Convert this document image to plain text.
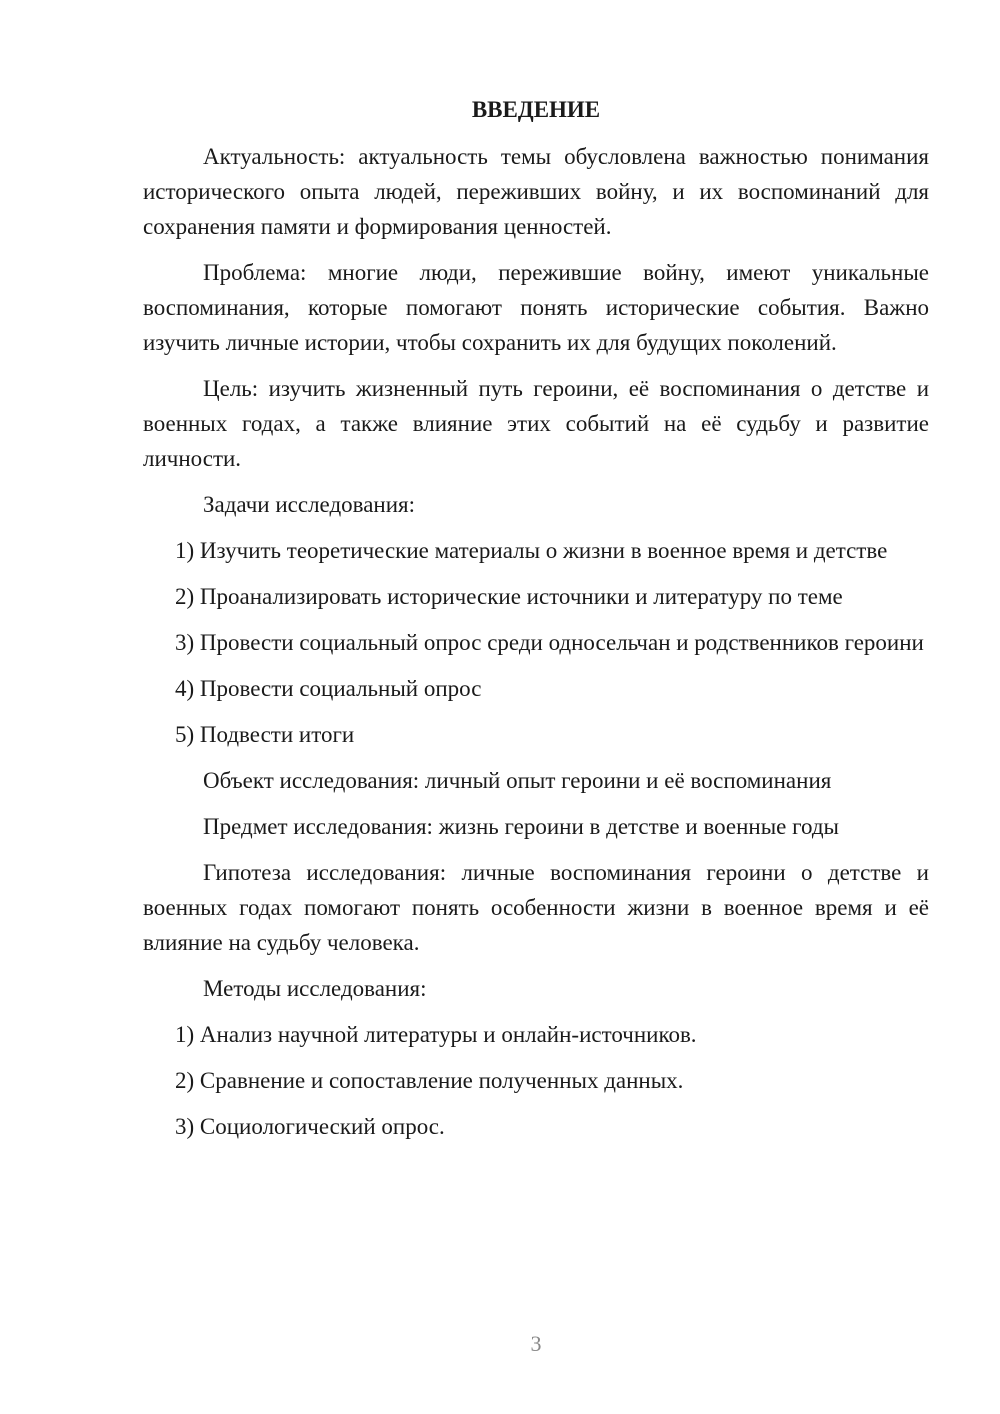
ВВЕДЕНИЕ

Актуальность: актуальность темы обусловлена важностью понимания исторического опыта людей, переживших войну, и их воспоминаний для сохранения памяти и формирования ценностей.

Проблема: многие люди, пережившие войну, имеют уникальные воспоминания, которые помогают понять исторические события. Важно изучить личные истории, чтобы сохранить их для будущих поколений.

Цель: изучить жизненный путь героини, её воспоминания о детстве и военных годах, а также влияние этих событий на её судьбу и развитие личности.

Задачи исследования:

1) Изучить теоретические материалы о жизни в военное время и детстве

2) Проанализировать исторические источники и литературу по теме

3) Провести социальный опрос среди односельчан и родственников героини

4) Провести социальный опрос

5) Подвести итоги

Объект исследования: личный опыт героини и её воспоминания

Предмет исследования: жизнь героини в детстве и военные годы

Гипотеза исследования: личные воспоминания героини о детстве и военных годах помогают понять особенности жизни в военное время и её влияние на судьбу человека.

Методы исследования:

1) Анализ научной литературы и онлайн-источников.

2) Сравнение и сопоставление полученных данных.

3) Социологический опрос.

3
